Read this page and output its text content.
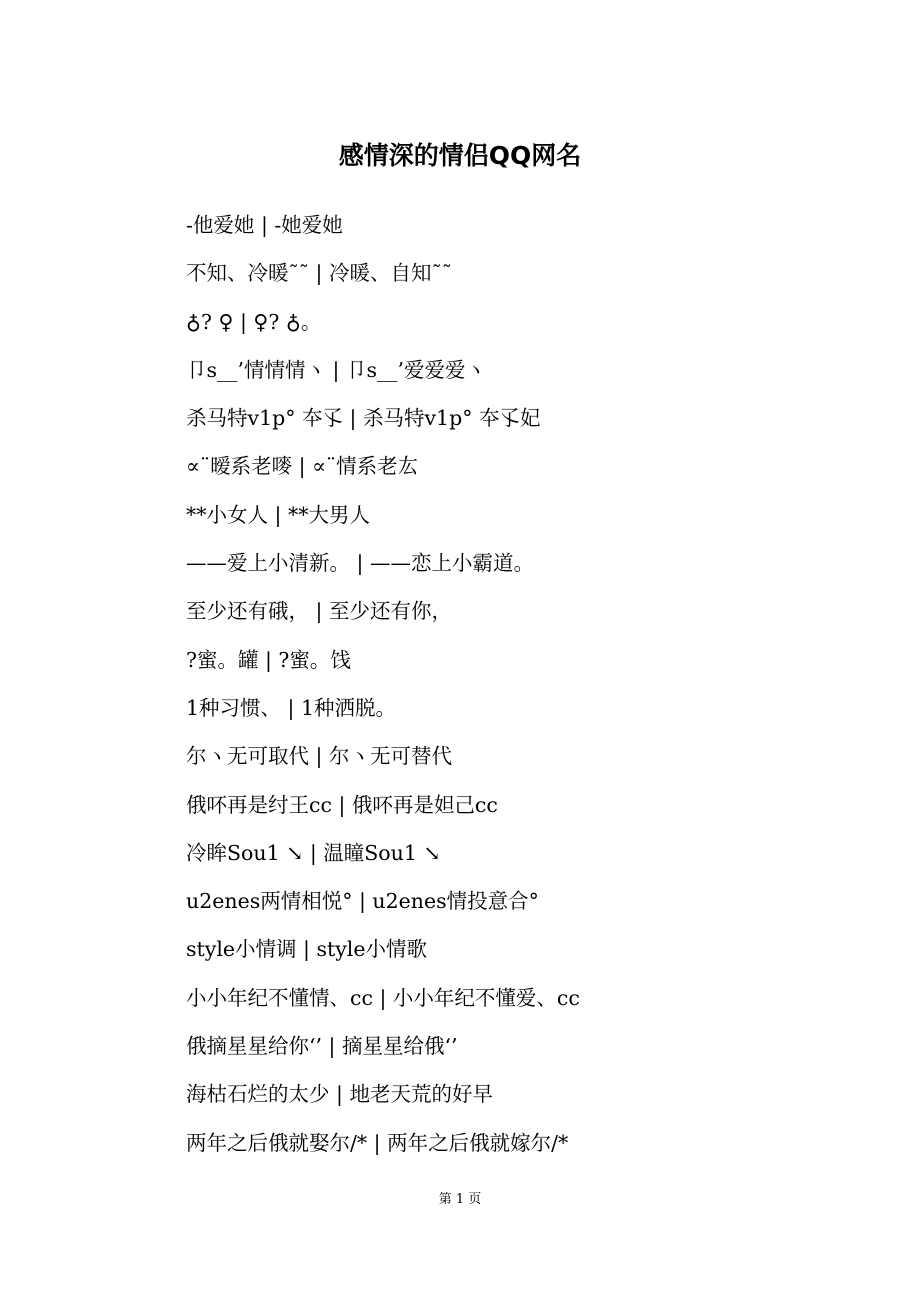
感情深的情侣QQ网名
-他爱她 | -她爱她
不知、冷暖˜˜ | 冷暖、自知˜˜
♁? ♀ | ♀? ♁。
卩s__’情情情ヽ | 卩s__’爱爱爱ヽ
杀马特ⅴ1p° 夲孓 | 杀马特ⅴ1p° 夲孓妃
∝¨暧系老嘜 | ∝¨情系老厷
**小女人 | **大男人
——爱上小清新。 | ——恋上小霸道。
至少还有硪， | 至少还有你，
?蜜。罐 | ?蜜。饯
1种习惯、 | 1种洒脱。
尔ヽ无可取代 | 尔ヽ无可替代
俄吥再是纣王cc | 俄吥再是妲己cc
冷眸Sou1 ↘ | 温瞳Sou1 ↘
u2enes两情相悦° | u2enes情投意合°
style小情调 | style小情歌
小小年纪不懂情、cc | 小小年纪不懂爱、cc
俄摘星星给你‘’ | 摘星星给俄‘’
海枯石烂的太少 | 地老天荒的好早
两年之后俄就娶尔/* | 两年之后俄就嫁尔/*
第 1 页
